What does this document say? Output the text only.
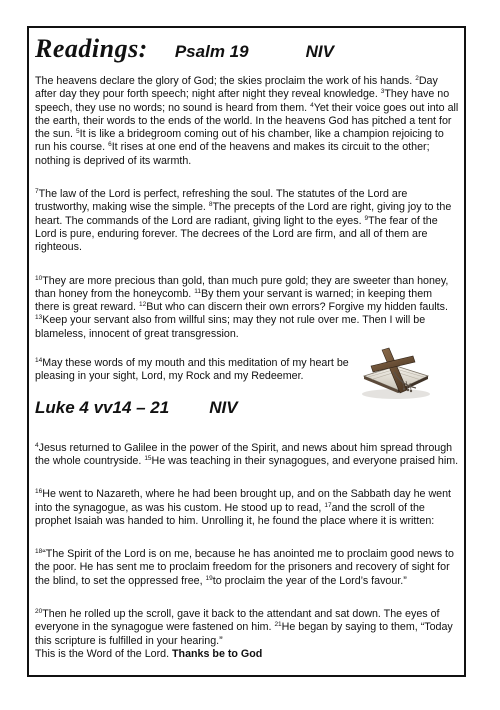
Readings: Psalm 19	NIV

The heavens declare the glory of God; the skies proclaim the work of his hands. $^2$Day after day they pour forth speech; night after night they reveal knowledge. $^3$They have no speech, they use no words; no sound is heard from them. $^4$Yet their voice goes out into all the earth, their words to the ends of the world. In the heavens God has pitched a tent for the sun. $^5$It is like a bridegroom coming out of his chamber, like a champion rejoicing to run his course. $^6$It rises at one end of the heavens and makes its circuit to the other; nothing is deprived of its warmth.

$^7$The law of the Lord is perfect, refreshing the soul. The statutes of the Lord are trustworthy, making wise the simple. $^8$The precepts of the Lord are right, giving joy to the heart. The commands of the Lord are radiant, giving light to the eyes. $^9$The fear of the Lord is pure, enduring forever. The decrees of the Lord are firm, and all of them are righteous.

$^{10}$They are more precious than gold, than much pure gold; they are sweeter than honey, than honey from the honeycomb. $^{11}$By them your servant is warned; in keeping them there is great reward. $^{12}$But who can discern their own errors? Forgive my hidden faults. $^{13}$Keep your servant also from willful sins; may they not rule over me. Then I will be blameless, innocent of great transgression.

$^{14}$May these words of my mouth and this meditation of my heart be pleasing in your sight, Lord, my Rock and my Redeemer.

Luke 4 vv14 – 21 NIV

$^4$Jesus returned to Galilee in the power of the Spirit, and news about him spread through the whole countryside. $^{15}$He was teaching in their synagogues, and everyone praised him.

$^{16}$He went to Nazareth, where he had been brought up, and on the Sabbath day he went into the synagogue, as was his custom. He stood up to read, $^{17}$and the scroll of the prophet Isaiah was handed to him. Unrolling it, he found the place where it is written:

$^{18}$“The Spirit of the Lord is on me, because he has anointed me to proclaim good news to the poor. He has sent me to proclaim freedom for the prisoners and recovery of sight for the blind, to set the oppressed free, $^{19}$to proclaim the year of the Lord’s favour.”

$^{20}$Then he rolled up the scroll, gave it back to the attendant and sat down. The eyes of everyone in the synagogue were fastened on him. $^{21}$He began by saying to them, “Today this scripture is fulfilled in your hearing.”

This is the Word of the Lord. Thanks be to God
